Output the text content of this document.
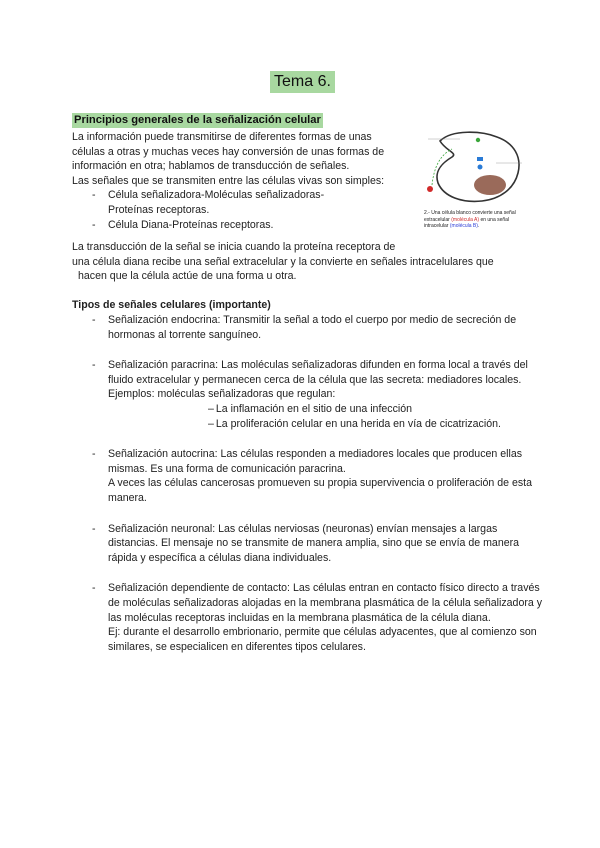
Tema 6.
Principios generales de la señalización celular

La información puede transmitirse de diferentes formas de unas

células a otras y muchas veces hay conversión de unas formas de

información en otra; hablamos de transducción de señales.

Las señales que se transmiten entre las células vivas son simples:

- Célula señalizadora-Moléculas señalizadoras-Proteínas receptoras.
- Célula Diana-Proteínas receptoras.
2.- Una célula blanco convierte una señal extracelular (molécula A) en una señal intracelular (molécula B).

La transducción de la señal se inicia cuando la proteína receptora de

una célula diana recibe una señal extracelular y la convierte en señales intracelulares que

hacen que la célula actúe de una forma u otra.

Tipos de señales celulares (importante)

- Señalización endocrina: Transmitir la señal a todo el cuerpo por medio de secreción de hormonas al torrente sanguíneo.

- Señalización paracrina: Las moléculas señalizadoras difunden en forma local a través del fluido extracelular y permanecen cerca de la célula que las secreta: mediadores locales. Ejemplos: moléculas señalizadoras que regulan:

– La inflamación en el sitio de una infección
– La proliferación celular en una herida en vía de cicatrización.

- Señalización autocrina: Las células responden a mediadores locales que producen ellas mismas. Es una forma de comunicación paracrina.

A veces las células cancerosas promueven su propia supervivencia o proliferación de esta manera.

- Señalización neuronal: Las células nerviosas (neuronas) envían mensajes a largas distancias. El mensaje no se transmite de manera amplia, sino que se envía de manera rápida y específica a células diana individuales.

- Señalización dependiente de contacto: Las células entran en contacto físico directo a través de moléculas señalizadoras alojadas en la membrana plasmática de la célula señalizadora y las moléculas receptoras incluidas en la membrana plasmática de la célula diana.

Ej: durante el desarrollo embrionario, permite que células adyacentes, que al comienzo son similares, se especialicen en diferentes tipos celulares.
